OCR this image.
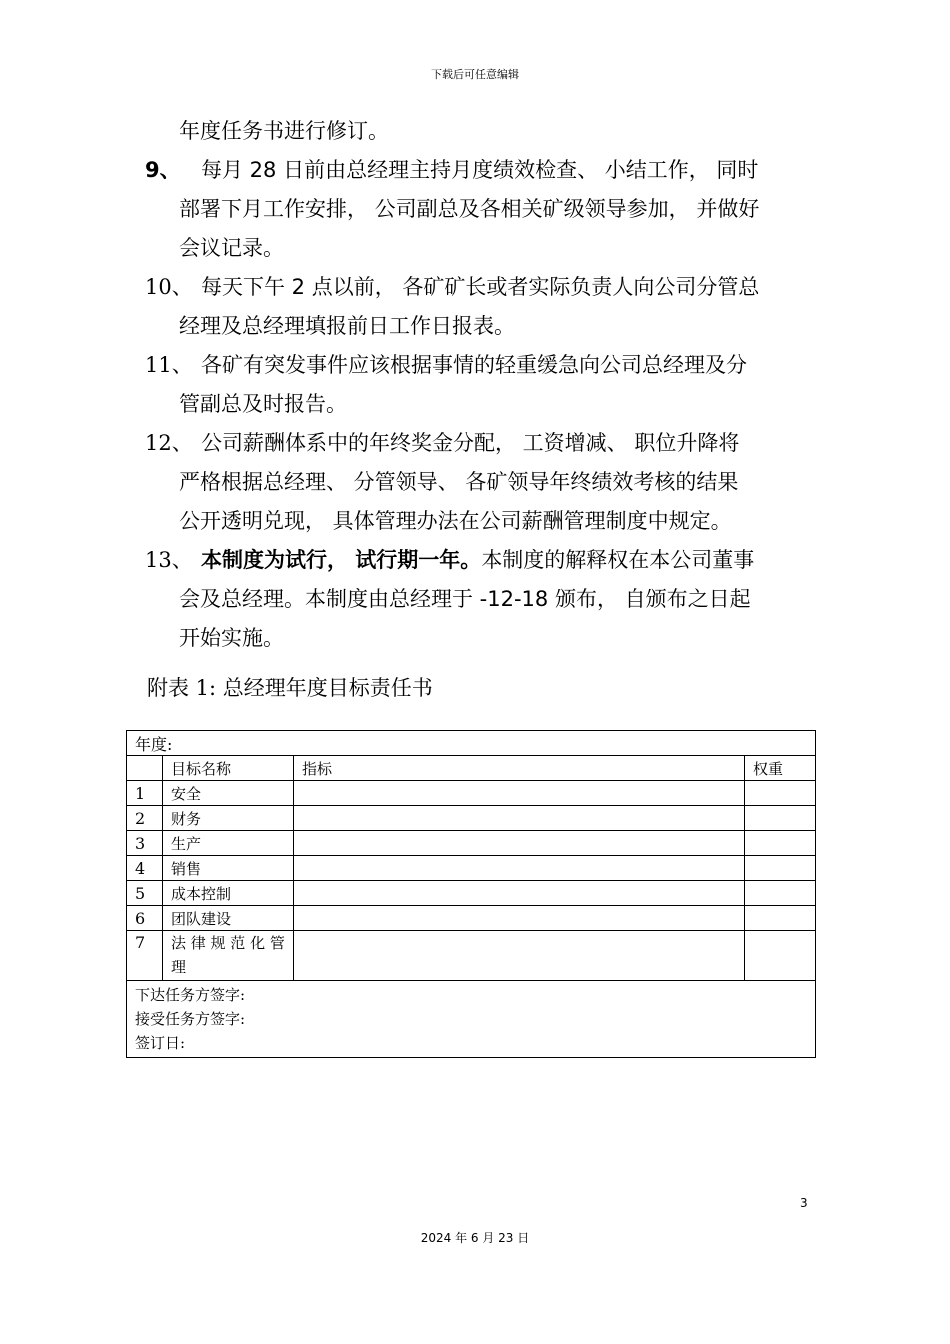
下载后可任意编辑
年度任务书进行修订。
9、 每月 28 日前由总经理主持月度绩效检查、 小结工作， 同时
部署下月工作安排， 公司副总及各相关矿级领导参加， 并做好
会议记录。
10、 每天下午 2 点以前， 各矿矿长或者实际负责人向公司分管总
经理及总经理填报前日工作日报表。
11、 各矿有突发事件应该根据事情的轻重缓急向公司总经理及分
管副总及时报告。
12、 公司薪酬体系中的年终奖金分配， 工资增减、 职位升降将
严格根据总经理、 分管领导、 各矿领导年终绩效考核的结果
公开透明兑现， 具体管理办法在公司薪酬管理制度中规定。
13、 本制度为试行， 试行期一年。本制度的解释权在本公司董事
会及总经理。本制度由总经理于 -12-18 颁布， 自颁布之日起
开始实施。
附表 1: 总经理年度目标责任书
年度:			
	目标名称	指标	权重
1	安全		
2	财务		
3	生产		
4	销售		
5	成本控制		
6	团队建设		
7	法 律 规 范 化 管 理		

下达任务方签字:
接受任务方签字:
签订日:			
3
2024 年 6 月 23 日
